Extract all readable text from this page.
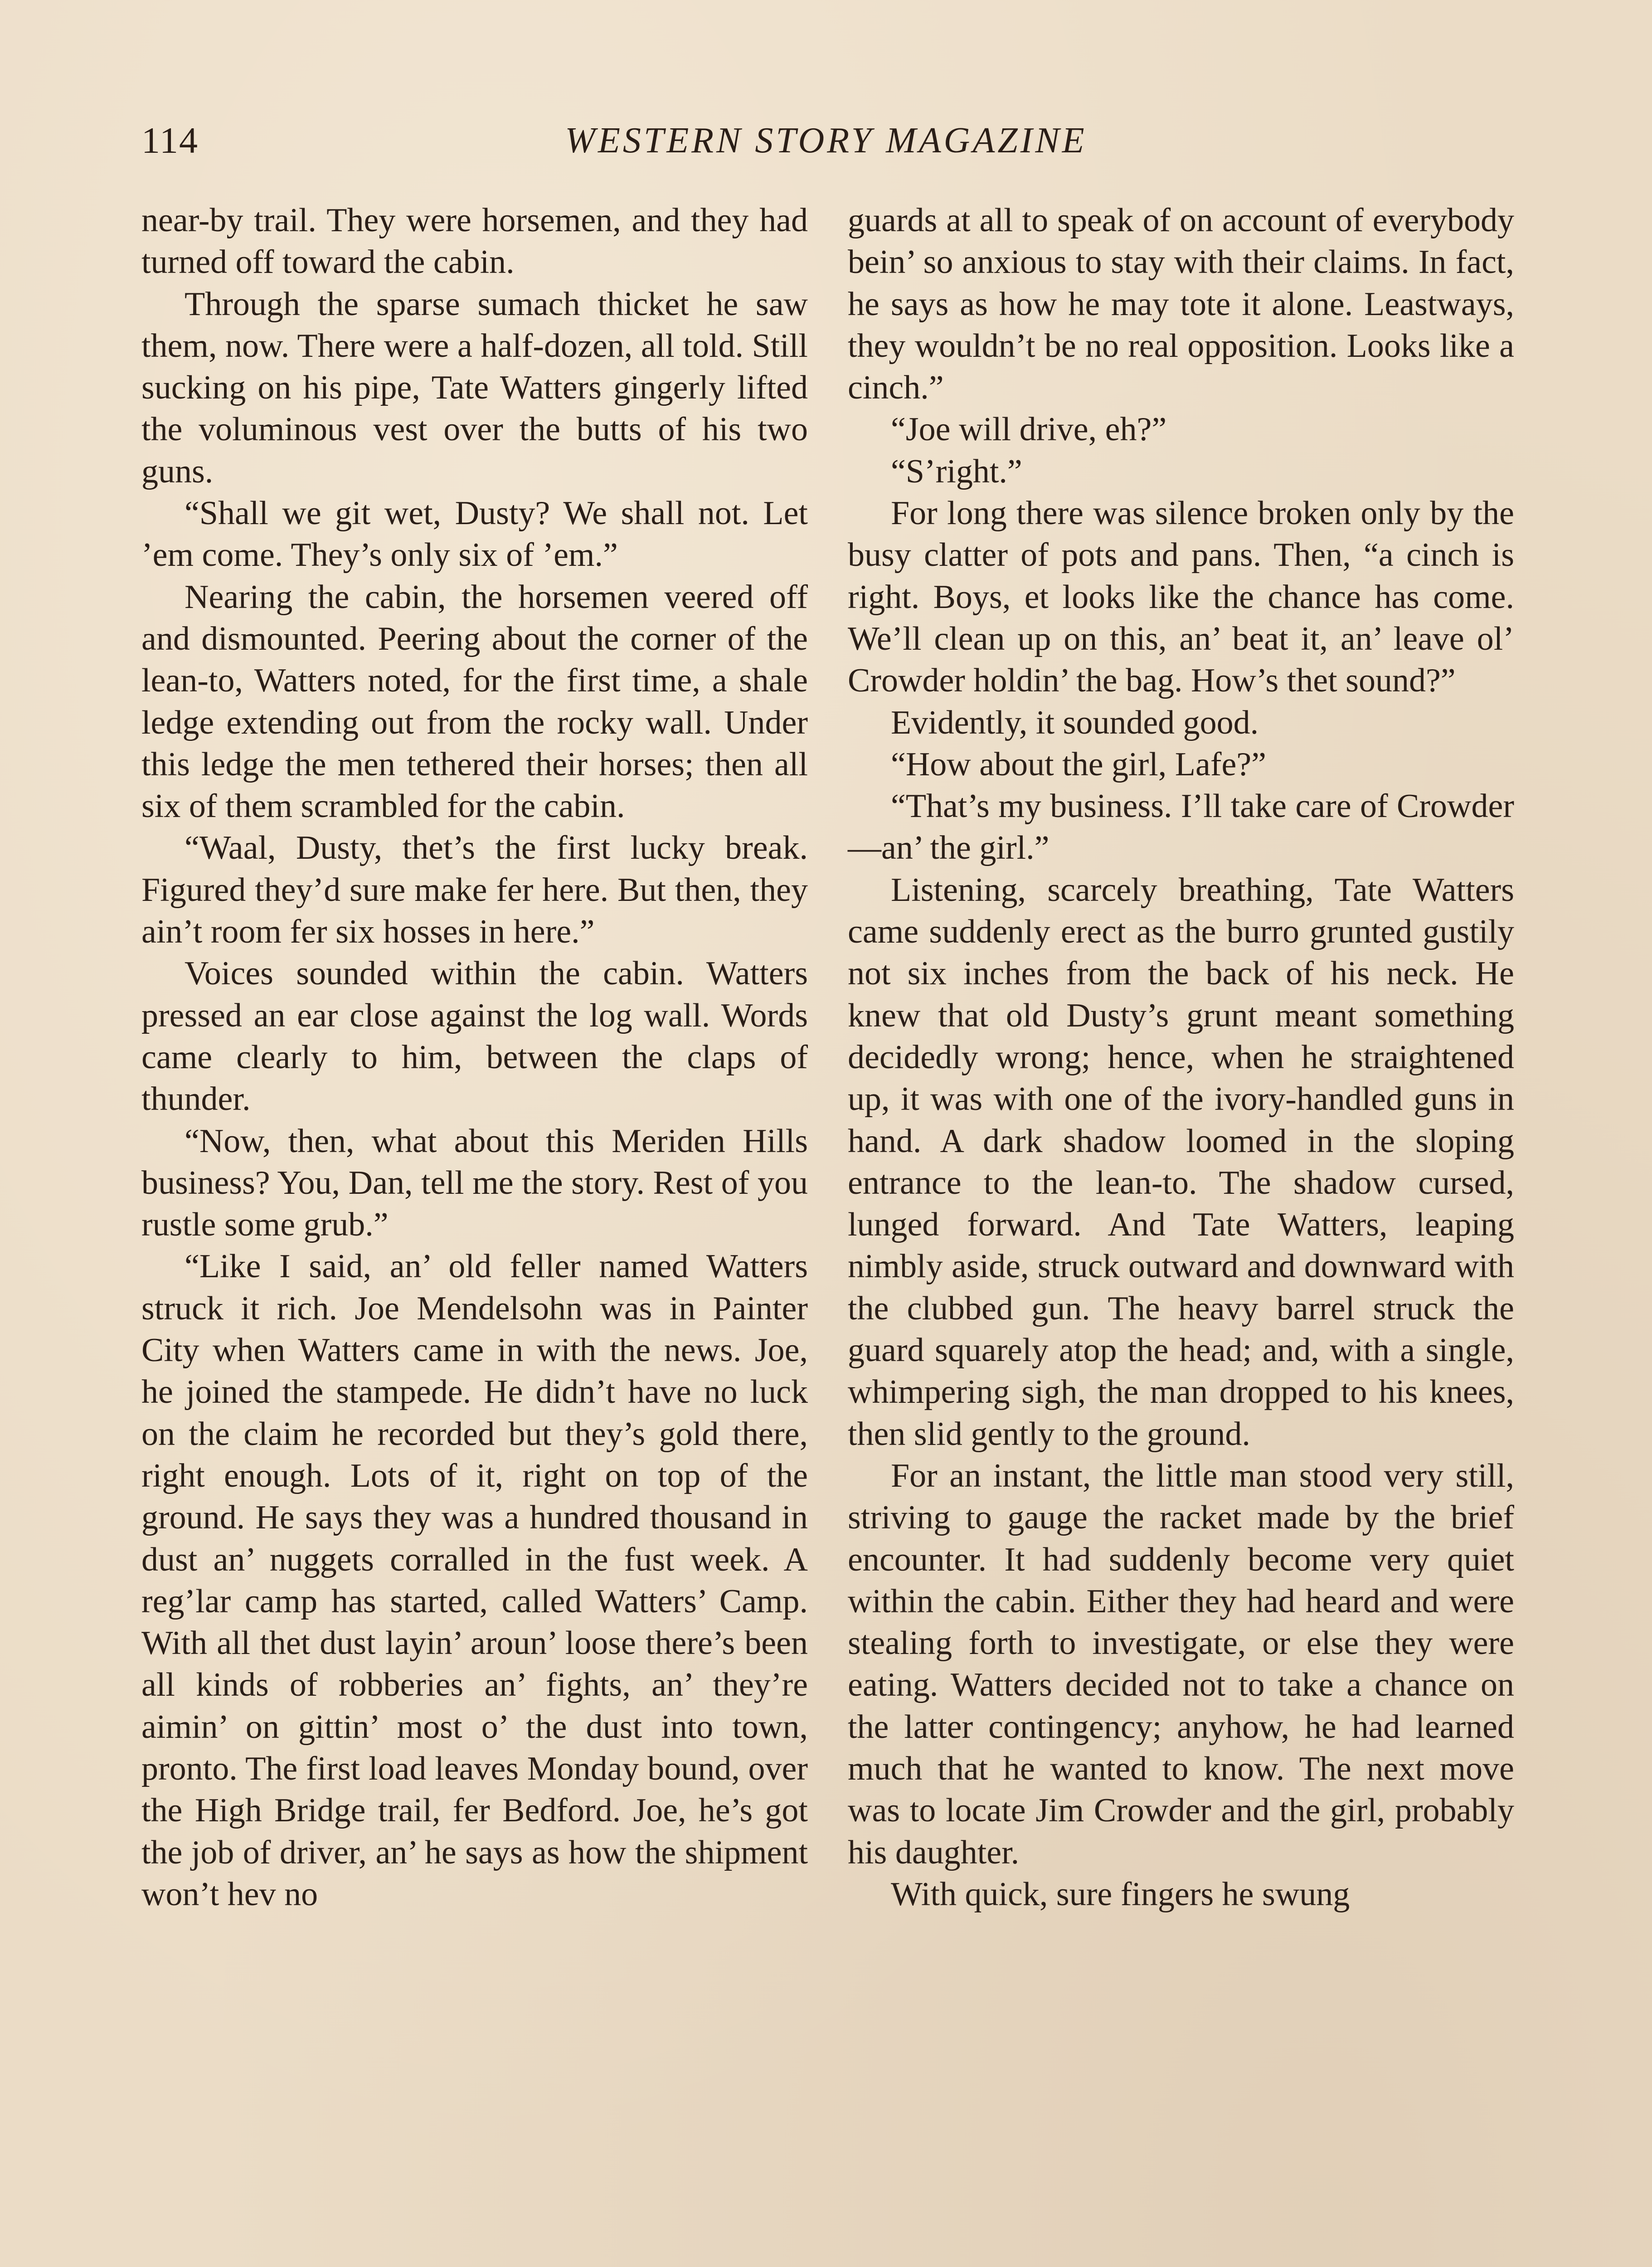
114	WESTERN STORY MAGAZINE

near-by trail. They were horsemen, and they had turned off toward the cabin.

Through the sparse sumach thicket he saw them, now. There were a half-dozen, all told. Still sucking on his pipe, Tate Watters gingerly lifted the voluminous vest over the butts of his two guns.

“Shall we git wet, Dusty? We shall not. Let ’em come. They’s only six of ’em.”

Nearing the cabin, the horsemen veered off and dismounted. Peering about the corner of the lean-to, Watters noted, for the first time, a shale ledge extending out from the rocky wall. Under this ledge the men tethered their horses; then all six of them scrambled for the cabin.

“Waal, Dusty, thet’s the first lucky break. Figured they’d sure make fer here. But then, they ain’t room fer six hosses in here.”

Voices sounded within the cabin. Watters pressed an ear close against the log wall. Words came clearly to him, between the claps of thunder.

“Now, then, what about this Meriden Hills business? You, Dan, tell me the story. Rest of you rustle some grub.”

“Like I said, an’ old feller named Watters struck it rich. Joe Mendelsohn was in Painter City when Watters came in with the news. Joe, he joined the stampede. He didn’t have no luck on the claim he recorded but they’s gold there, right enough. Lots of it, right on top of the ground. He says they was a hundred thousand in dust an’ nuggets corralled in the fust week. A reg’lar camp has started, called Watters’ Camp. With all thet dust layin’ aroun’ loose there’s been all kinds of robberies an’ fights, an’ they’re aimin’ on gittin’ most o’ the dust into town, pronto. The first load leaves Monday bound, over the High Bridge trail, fer Bedford. Joe, he’s got the job of driver, an’ he says as how the shipment won’t hev no

guards at all to speak of on account of everybody bein’ so anxious to stay with their claims. In fact, he says as how he may tote it alone. Leastways, they wouldn’t be no real opposition. Looks like a cinch.”

“Joe will drive, eh?”

“S’right.”

For long there was silence broken only by the busy clatter of pots and pans. Then, “a cinch is right. Boys, et looks like the chance has come. We’ll clean up on this, an’ beat it, an’ leave ol’ Crowder holdin’ the bag. How’s thet sound?”

Evidently, it sounded good.

“How about the girl, Lafe?”

“That’s my business. I’ll take care of Crowder—an’ the girl.”

Listening, scarcely breathing, Tate Watters came suddenly erect as the burro grunted gustily not six inches from the back of his neck. He knew that old Dusty’s grunt meant something decidedly wrong; hence, when he straightened up, it was with one of the ivory-handled guns in hand. A dark shadow loomed in the sloping entrance to the lean-to. The shadow cursed, lunged forward. And Tate Watters, leaping nimbly aside, struck outward and downward with the clubbed gun. The heavy barrel struck the guard squarely atop the head; and, with a single, whimpering sigh, the man dropped to his knees, then slid gently to the ground.

For an instant, the little man stood very still, striving to gauge the racket made by the brief encounter. It had suddenly become very quiet within the cabin. Either they had heard and were stealing forth to investigate, or else they were eating. Watters decided not to take a chance on the latter contingency; anyhow, he had learned much that he wanted to know. The next move was to locate Jim Crowder and the girl, probably his daughter.

With quick, sure fingers he swung
